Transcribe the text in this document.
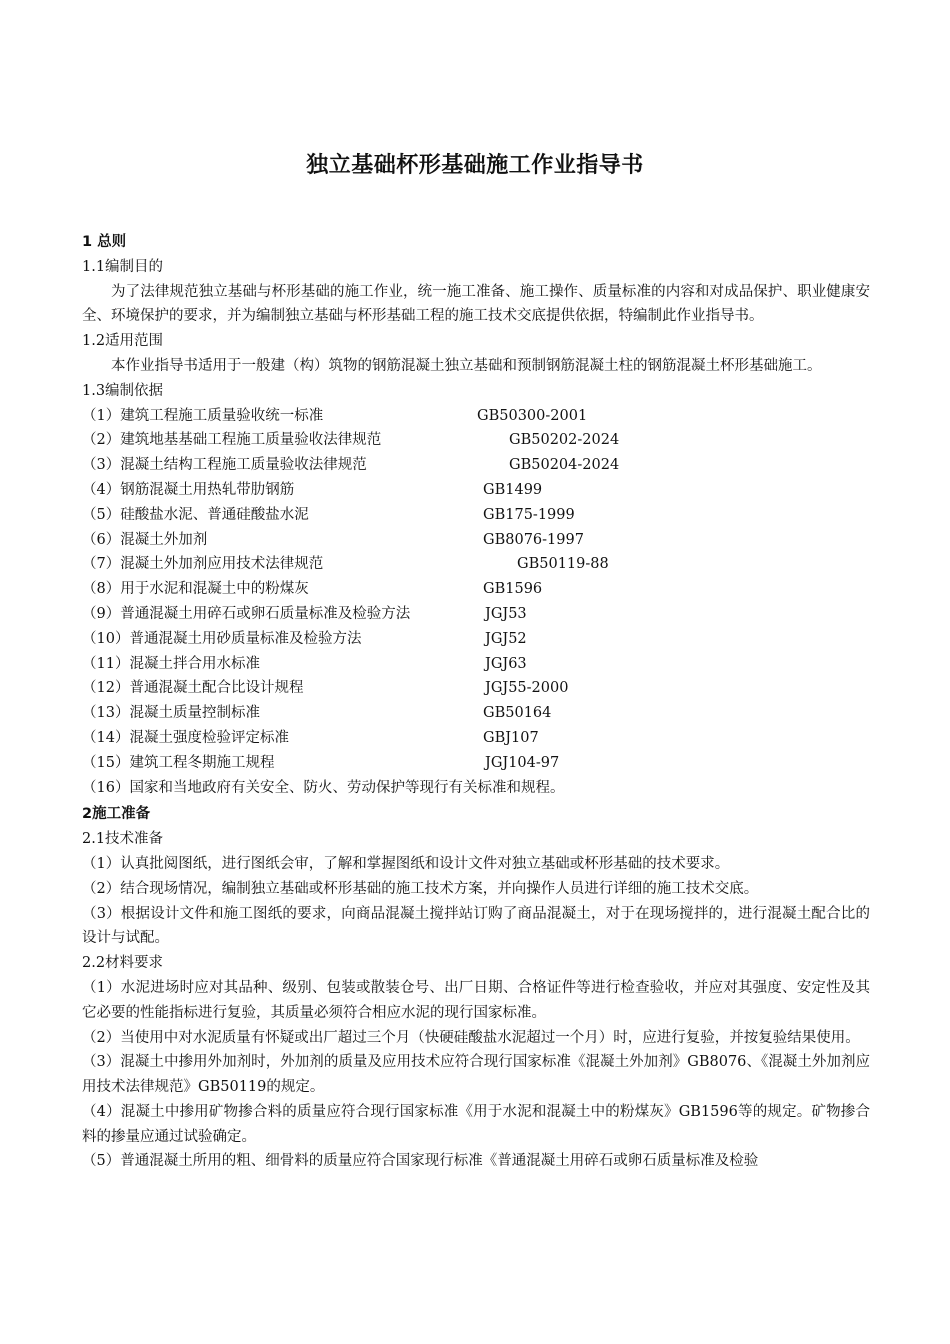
独立基础杯形基础施工作业指导书
1 总则
1.1编制目的
为了法律规范独立基础与杯形基础的施工作业，统一施工准备、施工操作、质量标准的内容和对成品保护、职业健康安全、环境保护的要求，并为编制独立基础与杯形基础工程的施工技术交底提供依据，特编制此作业指导书。
1.2适用范围
本作业指导书适用于一般建（构）筑物的钢筋混凝土独立基础和预制钢筋混凝土柱的钢筋混凝土杯形基础施工。
1.3编制依据
（1）建筑工程施工质量验收统一标准	GB50300-2001
（2）建筑地基基础工程施工质量验收法律规范	GB50202-2024
（3）混凝土结构工程施工质量验收法律规范	GB50204-2024
（4）钢筋混凝土用热轧带肋钢筋	GB1499
（5）硅酸盐水泥、普通硅酸盐水泥	GB175-1999
（6）混凝土外加剂	GB8076-1997
（7）混凝土外加剂应用技术法律规范	GB50119-88
（8）用于水泥和混凝土中的粉煤灰	GB1596
（9）普通混凝土用碎石或卵石质量标准及检验方法	JGJ53
（10）普通混凝土用砂质量标准及检验方法	JGJ52
（11）混凝土拌合用水标准	JGJ63
（12）普通混凝土配合比设计规程	JGJ55-2000
（13）混凝土质量控制标准	GB50164
（14）混凝土强度检验评定标准	GBJ107
（15）建筑工程冬期施工规程	JGJ104-97
（16）国家和当地政府有关安全、防火、劳动保护等现行有关标准和规程。
2施工准备
2.1技术准备
（1）认真批阅图纸，进行图纸会审，了解和掌握图纸和设计文件对独立基础或杯形基础的技术要求。
（2）结合现场情况，编制独立基础或杯形基础的施工技术方案，并向操作人员进行详细的施工技术交底。
（3）根据设计文件和施工图纸的要求，向商品混凝土搅拌站订购了商品混凝土，对于在现场搅拌的，进行混凝土配合比的设计与试配。
2.2材料要求
（1）水泥进场时应对其品种、级别、包装或散装仓号、出厂日期、合格证件等进行检查验收，并应对其强度、安定性及其它必要的性能指标进行复验，其质量必须符合相应水泥的现行国家标准。
（2）当使用中对水泥质量有怀疑或出厂超过三个月（快硬硅酸盐水泥超过一个月）时，应进行复验，并按复验结果使用。
（3）混凝土中掺用外加剂时，外加剂的质量及应用技术应符合现行国家标准《混凝土外加剂》GB8076、《混凝土外加剂应用技术法律规范》GB50119的规定。
（4）混凝土中掺用矿物掺合料的质量应符合现行国家标准《用于水泥和混凝土中的粉煤灰》GB1596等的规定。矿物掺合料的掺量应通过试验确定。
（5）普通混凝土所用的粗、细骨料的质量应符合国家现行标准《普通混凝土用碎石或卵石质量标准及检验
